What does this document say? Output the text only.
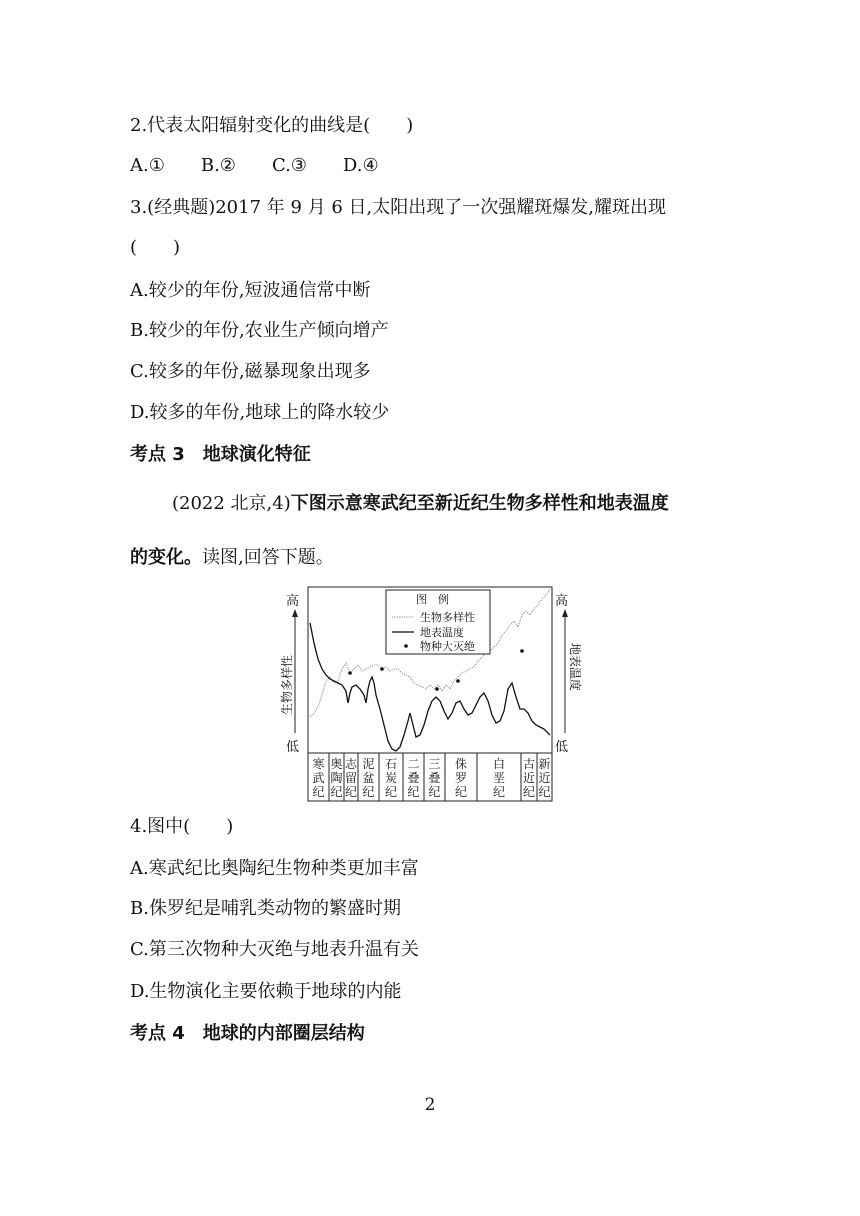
2.代表太阳辐射变化的曲线是(　　)
A.①　　B.②　　C.③　　D.④
3.(经典题)2017 年 9 月 6 日,太阳出现了一次强耀斑爆发,耀斑出现
(　　)
A.较少的年份,短波通信常中断
B.较少的年份,农业生产倾向增产
C.较多的年份,磁暴现象出现多
D.较多的年份,地球上的降水较少
考点 3　地球演化特征
(2022 北京,4)下图示意寒武纪至新近纪生物多样性和地表温度
的变化。读图,回答下题。
寒
武
纪
奥
陶
纪
志
留
纪
泥
盆
纪
石
炭
纪
二
叠
纪
三
叠
纪
侏
罗
纪
白
垩
纪
古
近
纪
新
近
纪
高
低
生物多样性
高
低
地表温度
图　例
生物多样性
地表温度
物种大灭绝
4.图中(　　)
A.寒武纪比奥陶纪生物种类更加丰富
B.侏罗纪是哺乳类动物的繁盛时期
C.第三次物种大灭绝与地表升温有关
D.生物演化主要依赖于地球的内能
考点 4　地球的内部圈层结构
2
